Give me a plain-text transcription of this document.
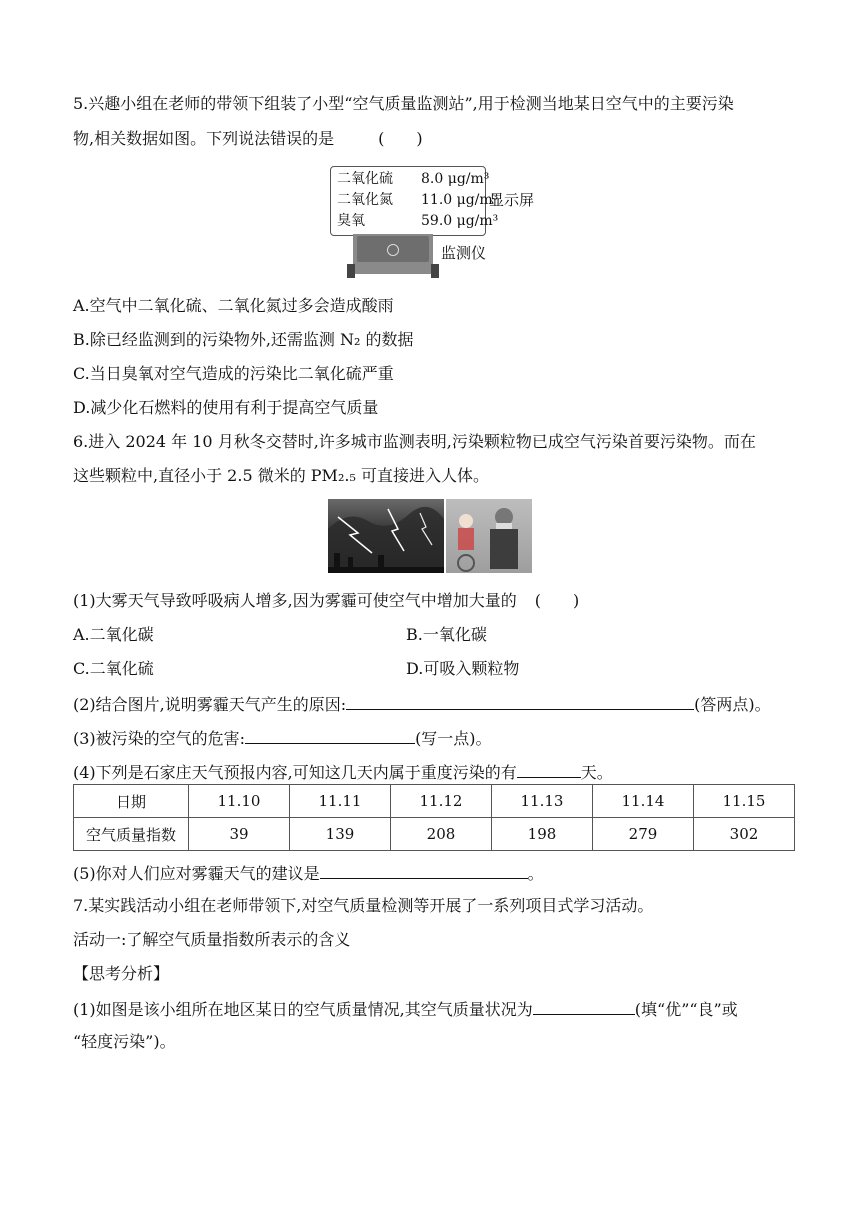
5.兴趣小组在老师的带领下组装了小型“空气质量监测站”,用于检测当地某日空气中的主要污染
物,相关数据如图。下列说法错误的是	(　　)
二氧化硫 8.0 μg/m³
二氧化氮 11.0 μg/m³
臭氧	59.0 μg/m³
显示屏
监测仪
A.空气中二氧化硫、二氧化氮过多会造成酸雨
B.除已经监测到的污染物外,还需监测 N₂ 的数据
C.当日臭氧对空气造成的污染比二氧化硫严重
D.减少化石燃料的使用有利于提高空气质量
6.进入 2024 年 10 月秋冬交替时,许多城市监测表明,污染颗粒物已成空气污染首要污染物。而在
这些颗粒中,直径小于 2.5 微米的 PM₂.₅ 可直接进入人体。
(1)大雾天气导致呼吸病人增多,因为雾霾可使空气中增加大量的 (　　)
A.二氧化碳	B.一氧化碳
C.二氧化硫	D.可吸入颗粒物
(2)结合图片,说明雾霾天气产生的原因:	(答两点)。
(3)被污染的空气的危害:	(写一点)。
(4)下列是石家庄天气预报内容,可知这几天内属于重度污染的有	天。
日期	11.10	11.11	11.12	11.13	11.14	11.15
空气质量指数	39	139	208	198	279	302
(5)你对人们应对雾霾天气的建议是	。
7.某实践活动小组在老师带领下,对空气质量检测等开展了一系列项目式学习活动。
活动一:了解空气质量指数所表示的含义
【思考分析】
(1)如图是该小组所在地区某日的空气质量情况,其空气质量状况为	(填“优”“良”或
“轻度污染”)。
